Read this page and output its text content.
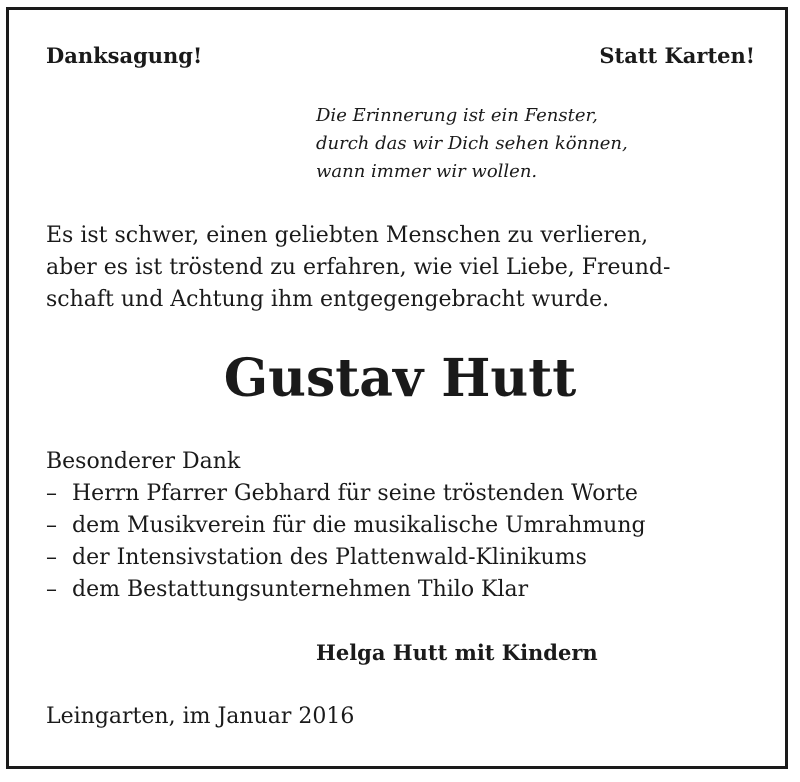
Danksagung!	Statt Karten!
Die Erinnerung ist ein Fenster,
durch das wir Dich sehen können,
wann immer wir wollen.
Es ist schwer, einen geliebten Menschen zu verlieren,
aber es ist tröstend zu erfahren, wie viel Liebe, Freund-
schaft und Achtung ihm entgegengebracht wurde.
Gustav Hutt
Besonderer Dank
– Herrn Pfarrer Gebhard für seine tröstenden Worte
– dem Musikverein für die musikalische Umrahmung
– der Intensivstation des Plattenwald-Klinikums
– dem Bestattungsunternehmen Thilo Klar
Helga Hutt mit Kindern
Leingarten, im Januar 2016
